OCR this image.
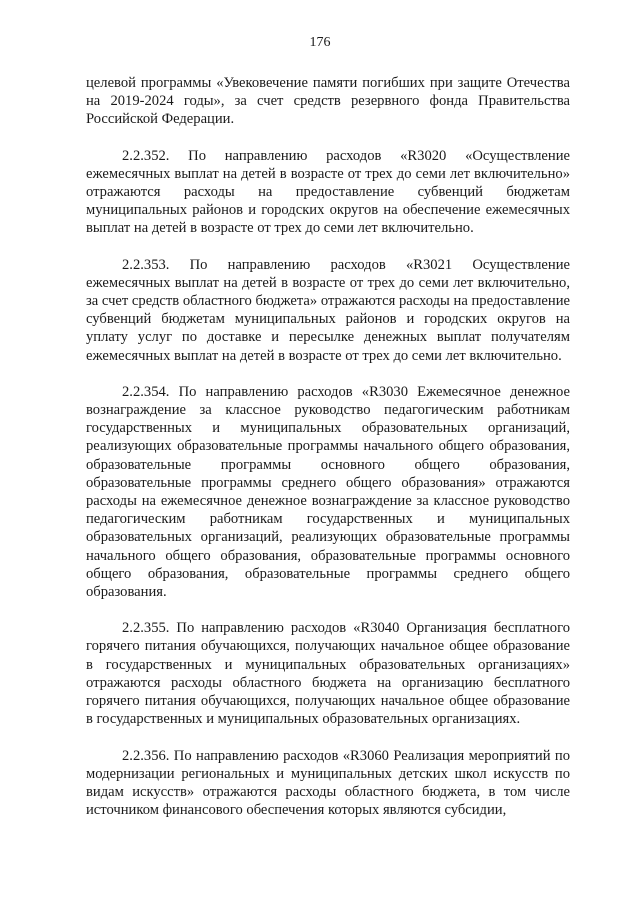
176

целевой программы «Увековечение памяти погибших при защите Отечества на 2019-2024 годы», за счет средств резервного фонда Правительства Российской Федерации.

2.2.352. По направлению расходов «R3020 «Осуществление ежемесячных выплат на детей в возрасте от трех до семи лет включительно» отражаются расходы на предоставление субвенций бюджетам муниципальных районов и городских округов на обеспечение ежемесячных выплат на детей в возрасте от трех до семи лет включительно.

2.2.353. По направлению расходов «R3021 Осуществление ежемесячных выплат на детей в возрасте от трех до семи лет включительно, за счет средств областного бюджета» отражаются расходы на предоставление субвенций бюджетам муниципальных районов и городских округов на уплату услуг по доставке и пересылке денежных выплат получателям ежемесячных выплат на детей в возрасте от трех до семи лет включительно.

2.2.354. По направлению расходов «R3030 Ежемесячное денежное вознаграждение за классное руководство педагогическим работникам государственных и муниципальных образовательных организаций, реализующих образовательные программы начального общего образования, образовательные программы основного общего образования, образовательные программы среднего общего образования» отражаются расходы на ежемесячное денежное вознаграждение за классное руководство педагогическим работникам государственных и муниципальных образовательных организаций, реализующих образовательные программы начального общего образования, образовательные программы основного общего образования, образовательные программы среднего общего образования.

2.2.355. По направлению расходов «R3040 Организация бесплатного горячего питания обучающихся, получающих начальное общее образование в государственных и муниципальных образовательных организациях» отражаются расходы областного бюджета на организацию бесплатного горячего питания обучающихся, получающих начальное общее образование в государственных и муниципальных образовательных организациях.

2.2.356. По направлению расходов «R3060 Реализация мероприятий по модернизации региональных и муниципальных детских школ искусств по видам искусств» отражаются расходы областного бюджета, в том числе источником финансового обеспечения которых являются субсидии,
